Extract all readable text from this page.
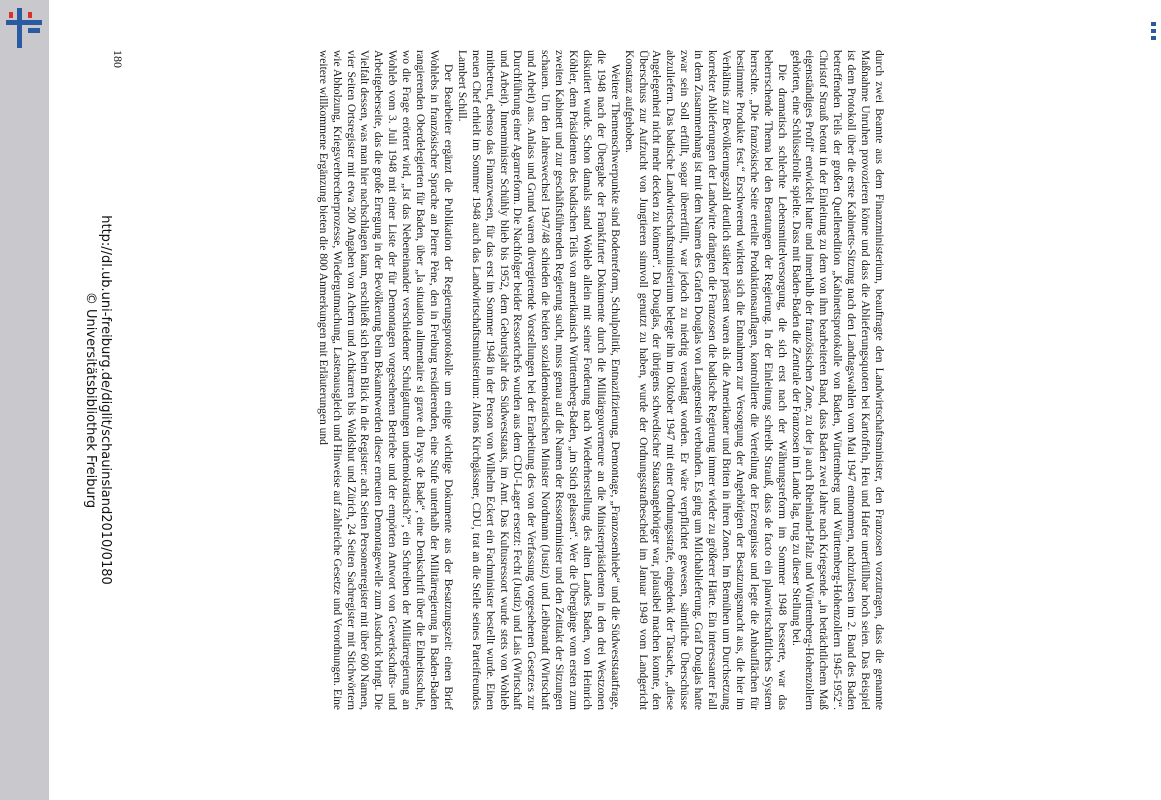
http://dl.ub.uni-freiburg.de/diglit/schauinsland2010/0180
© Universitätsbibliothek Freiburg	durch zwei Beamte aus dem Finanzministerium, beauftragte den Landwirtschaftsminister, den Franzosen vorzutragen, dass die genannte Maßnahme Unruhen provozieren könne und dass die Ablieferungsquoten bei Kartoffeln, Heu und Hafer unerfüllbar hoch seien. Das Beispiel ist dem Protokoll über die erste Kabinetts-Sitzung nach den Landtagswahlen vom Mai 1947 entnommen, nachzulesen im 2. Band des Baden betreffenden Teils der großen Quellenedition „Kabinettsprotokolle von Baden, Württemberg und Württemberg-Hohenzollern 1945-1952“. Christof Strauß betont in der Einleitung zu dem von ihm bearbeiteten Band, dass Baden zwei Jahre nach Kriegsende „in beträchtlichem Maß eigenständiges Profil“ entwickelt hatte und innerhalb der französischen Zone, zu der ja auch Rheinland-Pfalz und Württemberg-Hohenzollern gehörten, eine Schlüsselrolle spielte. Dass mit Baden-Baden die Zentrale der Franzosen im Lande lag, trug zu dieser Stellung bei.

Die dramatisch schlechte Lebensmittelversorgung, die sich erst nach der Währungsreform im Sommer 1948 besserte, war das beherrschende Thema bei den Beratungen der Regierung. In der Einleitung schreibt Strauß, dass de facto ein planwirtschaftliches System herrschte. „Die französische Seite erteilte Produktionsauflagen, kontrollierte die Verteilung der Erzeugnisse und legte die Anbauflächen für bestimmte Produkte fest.“ Erschwerend wirkten sich die Entnahmen zur Versorgung der Angehörigen der Besatzungsmacht aus, die hier im Verhältnis zur Bevölkerungszahl deutlich stärker präsent waren als die Amerikaner und Briten in ihren Zonen. Im Bemühen um Durchsetzung korrekter Ablieferungen der Landwirte drängten die Franzosen die badische Regierung immer wieder zu größerer Härte. Ein interessanter Fall in dem Zusammenhang ist mit dem Namen des Grafen Douglas von Langenstein verbunden. Es ging um Milchablieferung. Graf Douglas hatte zwar sein Soll erfüllt, sogar übererfüllt, war jedoch zu niedrig veranlagt worden. Er wäre verpflichtet gewesen, sämtliche Überschüsse abzuliefern. Das badische Landwirtschaftsministerium belegte ihn im Oktober 1947 mit einer Ordnungsstrafe, eingedenk der Tatsache, „diese Angelegenheit nicht mehr decken zu können“. Da Douglas, der übrigens schwedischer Staatsangehöriger war, plausibel machen konnte, den Überschuss zur Aufzucht von Jungtieren sinnvoll genutzt zu haben, wurde der Ordnungsstrafbescheid im Januar 1949 vom Landgericht Konstanz aufgehoben.

Weitere Themenschwerpunkte sind Bodenreform, Schulpolitik, Entnazifizierung, Demontage, „Franzosenhiebe“ und die Südweststaatfrage, die 1948 nach der Übergabe der Frankfurter Dokumente durch die Militärgouverneure an die Ministerpräsidenten in den drei Westzonen diskutiert wurde. Schon damals stand Wohleb allein mit seiner Forderung nach Wiederherstellung des alten Landes Baden, von Heinrich Köhler, dem Präsidenten des badischen Teils von amerikanisch Württemberg-Baden, „im Stich gelassen“. Wer die Übergänge vom ersten zum zweiten Kabinett und zur geschäftsführenden Regierung sucht, muss genau auf die Namen der Ressortminister und den Zeittakt der Sitzungen schauen. Um den Jahreswechsel 1947/48 schieden die beiden sozialdemokratischen Minister Nordmann (Justiz) und Leibbrandt (Wirtschaft und Arbeit) aus. Anlass und Grund waren divergierende Vorstellungen bei der Erarbeitung des von der Verfassung vorgesehenen Gesetzes zur Durchführung einer Agrarreform. Die Nachfolger beider Ressortchefs wurden aus dem CDU-Lager ersetzt: Fecht (Justiz) und Lais (Wirtschaft und Arbeit). Innenminister Schühly blieb bis 1952, dem Geburtsjahr des Südweststaats, im Amt. Das Kultusressort wurde stets von Wohleb mitbetreut, ebenso das Finanzwesen, für das erst im Sommer 1948 in der Person von Wilhelm Eckert ein Fachminister bestellt wurde. Einen neuen Chef erhielt im Sommer 1948 auch das Landwirtschaftsministerium: Alfons Kirchgässner, CDU, trat an die Stelle seines Parteifreundes Lambert Schill.

Der Bearbeiter ergänzt die Publikation der Regierungsprotokolle um einige wichtige Dokumente aus der Besatzungszeit: einen Brief Wohlebs in französischer Sprache an Pierre Pène, den in Freiburg residierenden, eine Stufe unterhalb der Militärregierung in Baden-Baden rangierenden Oberdelegierten für Baden, über „la situation alimentaire si grave du Pays de Bade“, eine Denkschrift über die Einheitsschule, wo die Frage erörtert wird, „Ist das Nebeneinander verschiedener Schulgattungen undemokratisch?“, ein Schreiben der Militärregierung an Wohleb vom 3. Juli 1948 mit einer Liste der für Demontagen vorgesehenen Betriebe und der empörten Antwort von Gewerkschafts- und Arbeitgeberseite, das die große Erregung in der Bevölkerung beim Bekanntwerden dieser erneuten Demontagewelle zum Ausdruck bringt. Die Vielfalt dessen, was man hier nachschlagen kann, erschließt sich beim Blick in die Register: acht Seiten Personenregister mit über 600 Namen, vier Seiten Ortsregister mit etwa 200 Angaben von Achern und Achkarren bis Waldshut und Zürich, 24 Seiten Sachregister mit Stichwörtern wie Abholzung, Kriegsverbrecherprozesse, Wiedergutmachung, Lastenausgleich und Hinweise auf zahlreiche Gesetze und Verordnungen. Eine weitere willkommene Ergänzung bieten die 800 Anmerkungen mit Erläuterungen und

180
